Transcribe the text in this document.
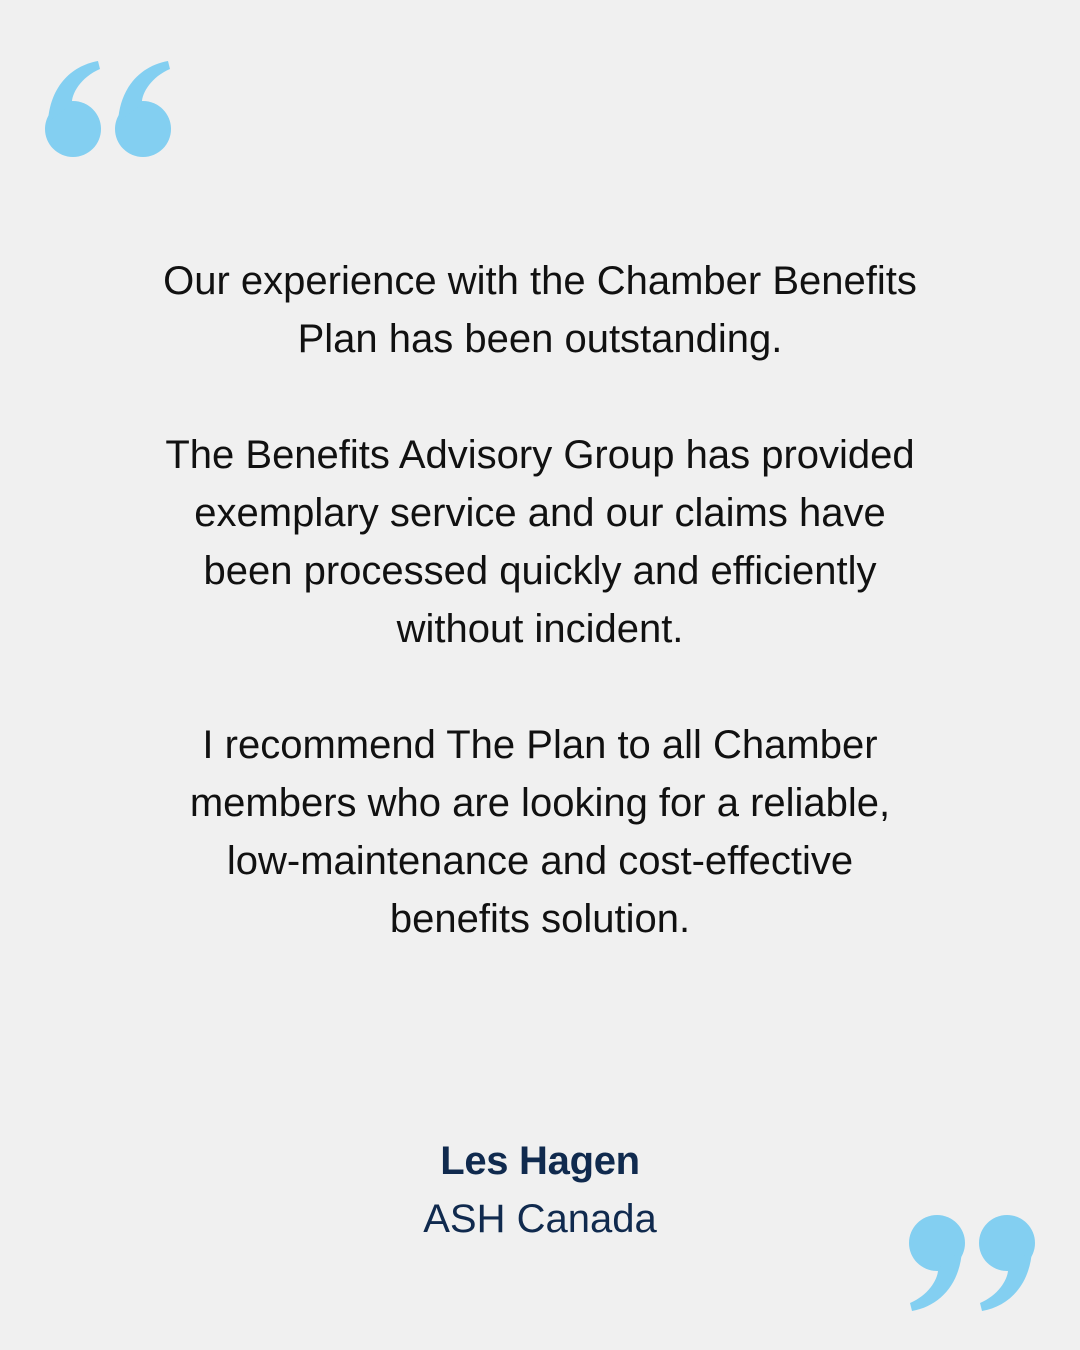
Our experience with the Chamber Benefits
Plan has been outstanding.

The Benefits Advisory Group has provided
exemplary service and our claims have
been processed quickly and efficiently
without incident.

I recommend The Plan to all Chamber
members who are looking for a reliable,
low-maintenance and cost-effective
benefits solution.

Les Hagen
ASH Canada
